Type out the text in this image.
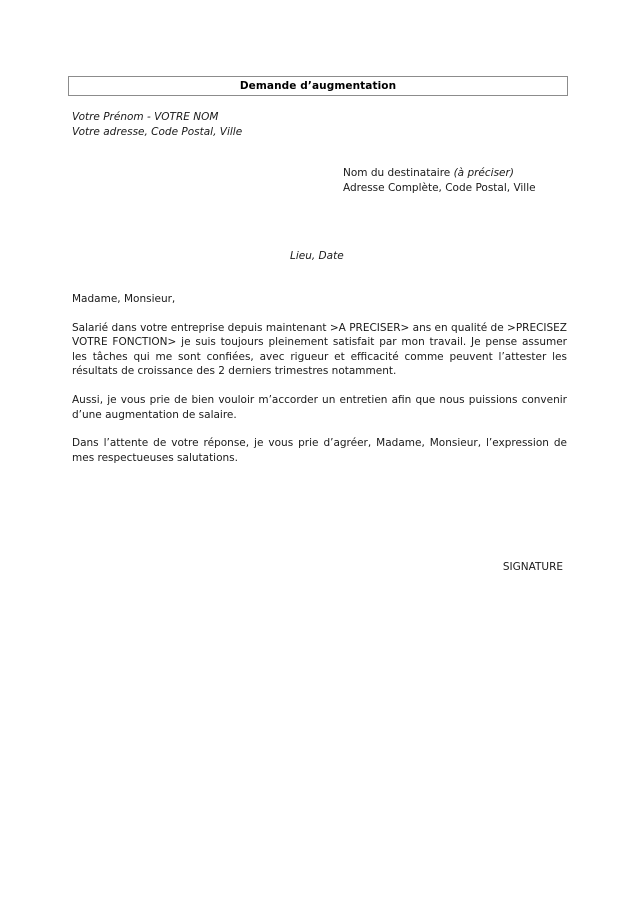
Demande d’augmentation
Votre Prénom - VOTRE NOM
Votre adresse, Code Postal, Ville
Nom du destinataire (à préciser)
Adresse Complète, Code Postal, Ville
Lieu, Date

Madame, Monsieur,

Salarié dans votre entreprise depuis maintenant >A PRECISER> ans en qualité de >PRECISEZ VOTRE FONCTION> je suis toujours pleinement satisfait par mon travail. Je pense assumer les tâches qui me sont confiées, avec rigueur et efficacité comme peuvent l’attester les résultats de croissance des 2 derniers trimestres notamment.

Aussi, je vous prie de bien vouloir m’accorder un entretien afin que nous puissions convenir d’une augmentation de salaire.

Dans l’attente de votre réponse, je vous prie d’agréer, Madame, Monsieur, l’expression de mes respectueuses salutations.

SIGNATURE
